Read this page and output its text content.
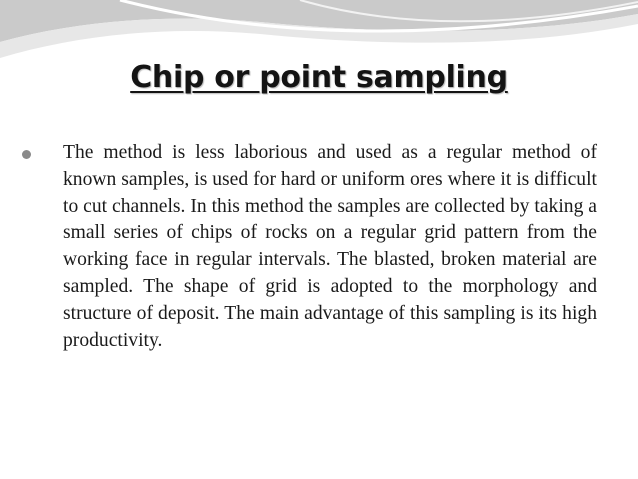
Chip or point sampling

The method is less laborious and used as a regular method of known samples, is used for hard or uniform ores where it is difficult to cut channels. In this method the samples are collected by taking a small series of chips of rocks on a regular grid pattern from the working face in regular intervals. The blasted, broken material are sampled. The shape of grid is adopted to the morphology and structure of deposit. The main advantage of this sampling is its high productivity.
